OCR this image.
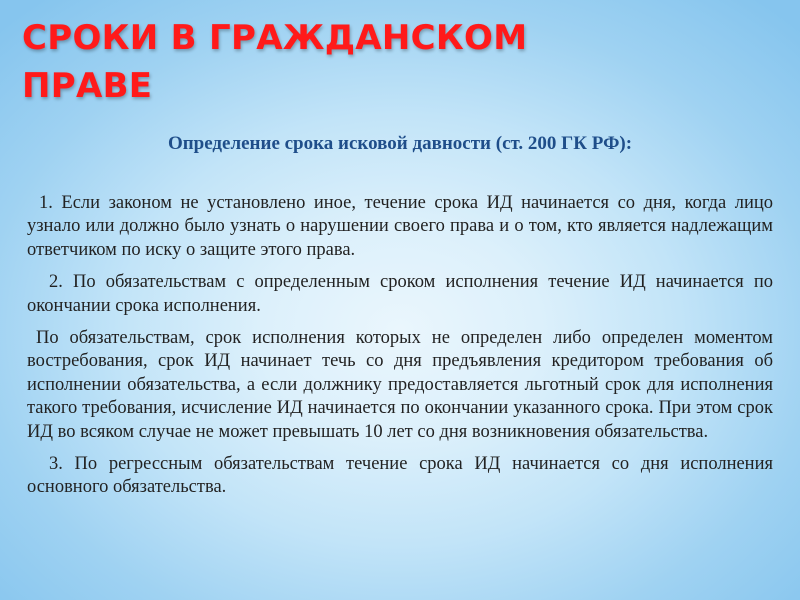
СРОКИ В ГРАЖДАНСКОМ ПРАВЕ

Определение срока исковой давности (ст. 200 ГК РФ):

1. Если законом не установлено иное, течение срока ИД начинается со дня, когда лицо узнало или должно было узнать о нарушении своего права и о том, кто является надлежащим ответчиком по иску о защите этого права.

2. По обязательствам с определенным сроком исполнения течение ИД начинается по окончании срока исполнения.

По обязательствам, срок исполнения которых не определен либо определен моментом востребования, срок ИД начинает течь со дня предъявления кредитором требования об исполнении обязательства, а если должнику предоставляется льготный срок для исполнения такого требования, исчисление ИД начинается по окончании указанного срока. При этом срок ИД во всяком случае не может превышать 10 лет со дня возникновения обязательства.

3. По регрессным обязательствам течение срока ИД начинается со дня исполнения основного обязательства.
